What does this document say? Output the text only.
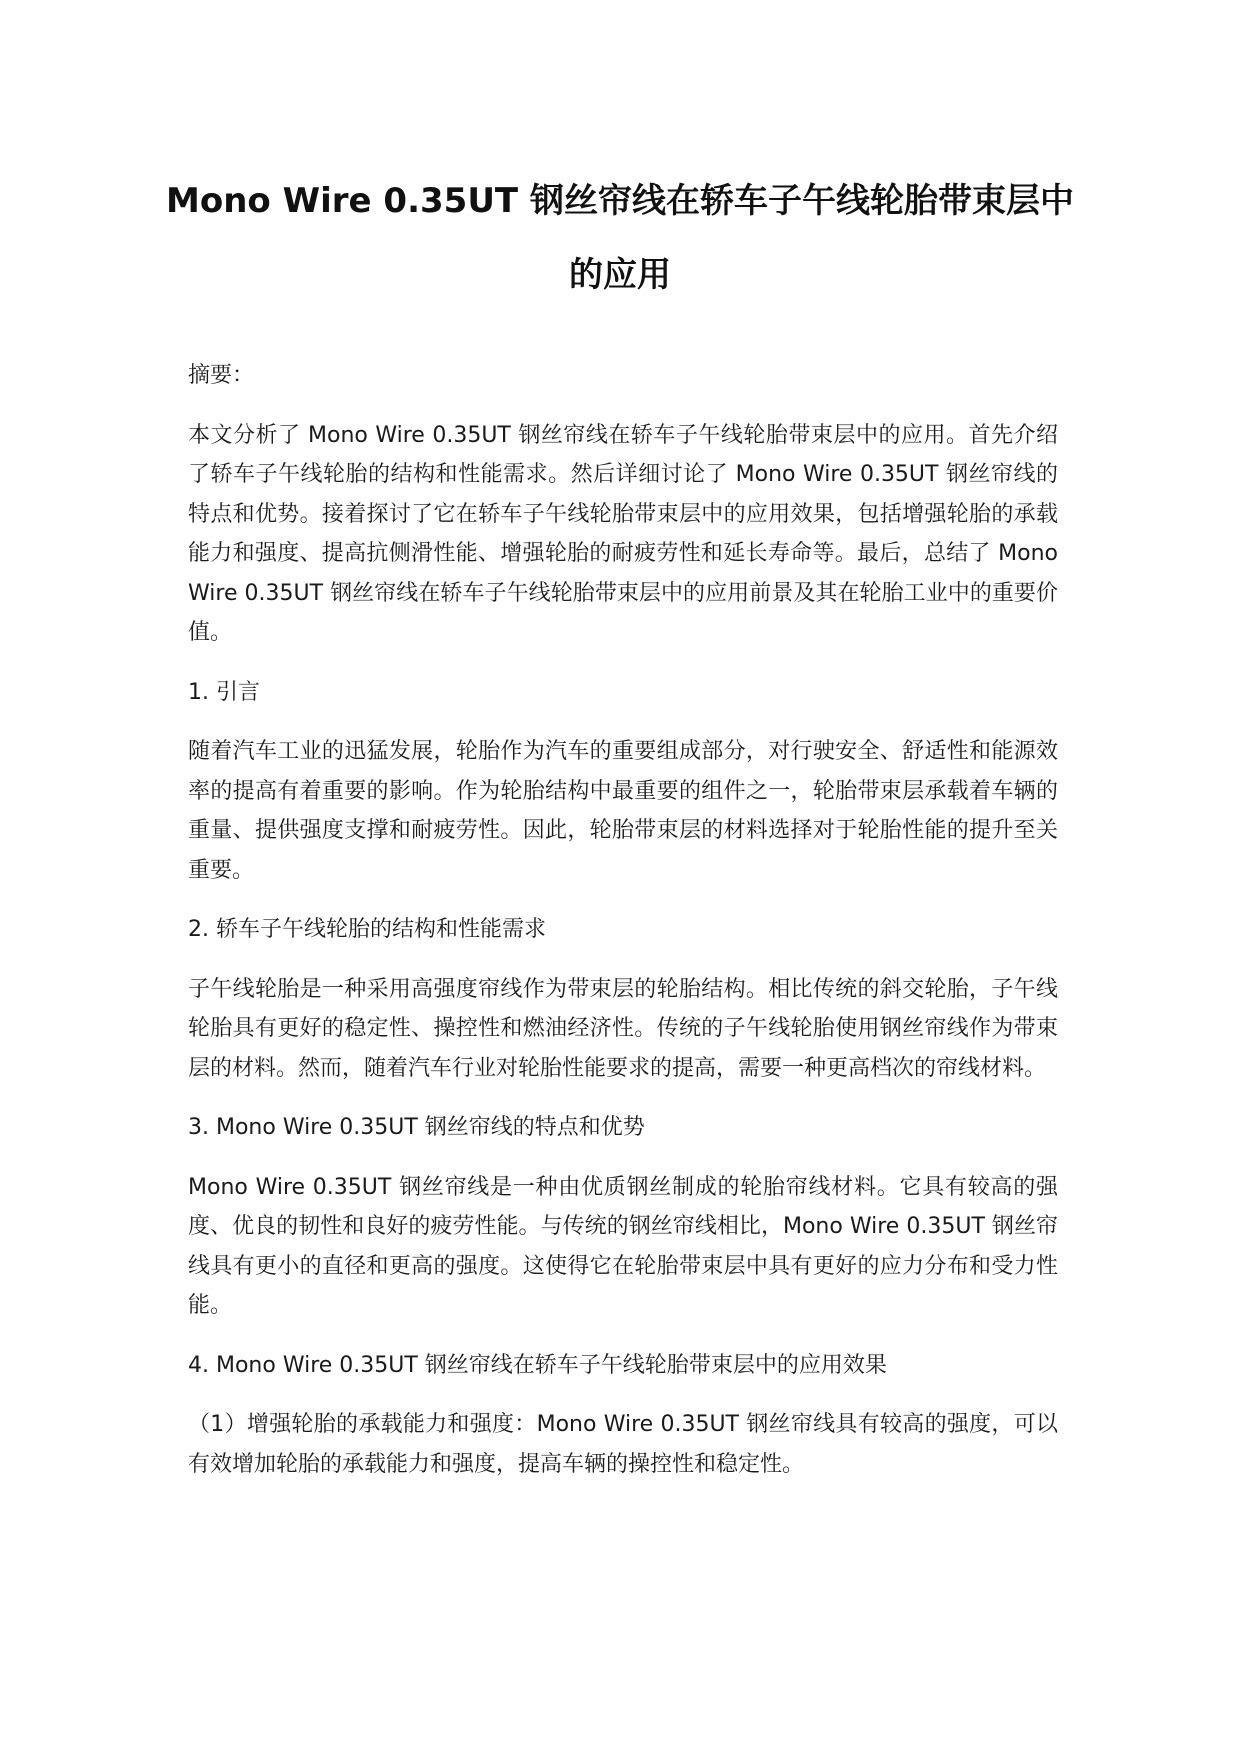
Mono Wire 0.35UT 钢丝帘线在轿车子午线轮胎带束层中
的应用

摘要：

本文分析了 Mono Wire 0.35UT 钢丝帘线在轿车子午线轮胎带束层中的应用。首先介绍了轿车子午线轮胎的结构和性能需求。然后详细讨论了 Mono Wire 0.35UT 钢丝帘线的特点和优势。接着探讨了它在轿车子午线轮胎带束层中的应用效果，包括增强轮胎的承载能力和强度、提高抗侧滑性能、增强轮胎的耐疲劳性和延长寿命等。最后，总结了 Mono Wire 0.35UT 钢丝帘线在轿车子午线轮胎带束层中的应用前景及其在轮胎工业中的重要价值。

1. 引言

随着汽车工业的迅猛发展，轮胎作为汽车的重要组成部分，对行驶安全、舒适性和能源效率的提高有着重要的影响。作为轮胎结构中最重要的组件之一，轮胎带束层承载着车辆的重量、提供强度支撑和耐疲劳性。因此，轮胎带束层的材料选择对于轮胎性能的提升至关重要。

2. 轿车子午线轮胎的结构和性能需求

子午线轮胎是一种采用高强度帘线作为带束层的轮胎结构。相比传统的斜交轮胎，子午线轮胎具有更好的稳定性、操控性和燃油经济性。传统的子午线轮胎使用钢丝帘线作为带束层的材料。然而，随着汽车行业对轮胎性能要求的提高，需要一种更高档次的帘线材料。

3. Mono Wire 0.35UT 钢丝帘线的特点和优势

Mono Wire 0.35UT 钢丝帘线是一种由优质钢丝制成的轮胎帘线材料。它具有较高的强度、优良的韧性和良好的疲劳性能。与传统的钢丝帘线相比，Mono Wire 0.35UT 钢丝帘线具有更小的直径和更高的强度。这使得它在轮胎带束层中具有更好的应力分布和受力性能。

4. Mono Wire 0.35UT 钢丝帘线在轿车子午线轮胎带束层中的应用效果

（1）增强轮胎的承载能力和强度：Mono Wire 0.35UT 钢丝帘线具有较高的强度，可以有效增加轮胎的承载能力和强度，提高车辆的操控性和稳定性。
